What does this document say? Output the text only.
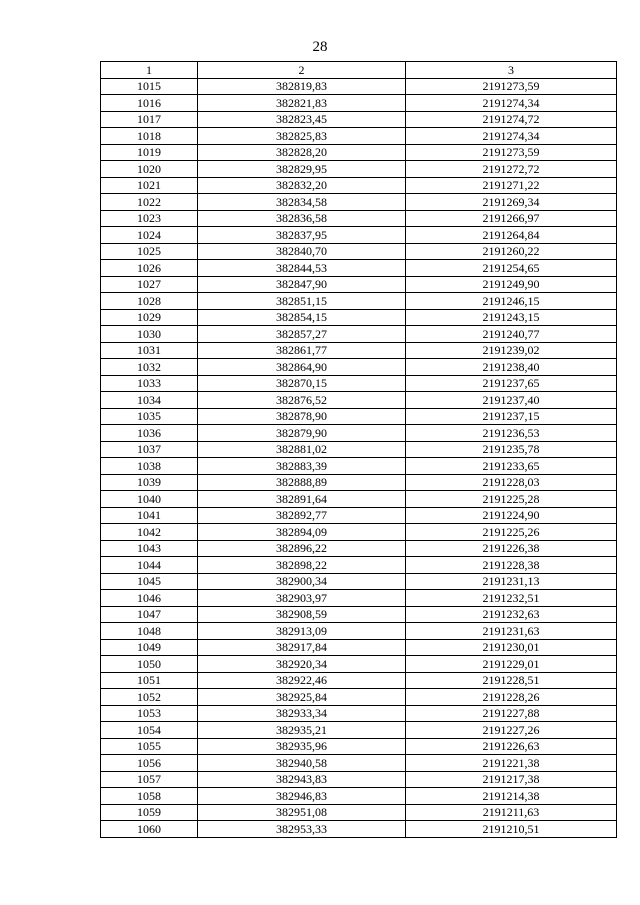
28
1	2	3
1015	382819,83	2191273,59
1016	382821,83	2191274,34
1017	382823,45	2191274,72
1018	382825,83	2191274,34
1019	382828,20	2191273,59
1020	382829,95	2191272,72
1021	382832,20	2191271,22
1022	382834,58	2191269,34
1023	382836,58	2191266,97
1024	382837,95	2191264,84
1025	382840,70	2191260,22
1026	382844,53	2191254,65
1027	382847,90	2191249,90
1028	382851,15	2191246,15
1029	382854,15	2191243,15
1030	382857,27	2191240,77
1031	382861,77	2191239,02
1032	382864,90	2191238,40
1033	382870,15	2191237,65
1034	382876,52	2191237,40
1035	382878,90	2191237,15
1036	382879,90	2191236,53
1037	382881,02	2191235,78
1038	382883,39	2191233,65
1039	382888,89	2191228,03
1040	382891,64	2191225,28
1041	382892,77	2191224,90
1042	382894,09	2191225,26
1043	382896,22	2191226,38
1044	382898,22	2191228,38
1045	382900,34	2191231,13
1046	382903,97	2191232,51
1047	382908,59	2191232,63
1048	382913,09	2191231,63
1049	382917,84	2191230,01
1050	382920,34	2191229,01
1051	382922,46	2191228,51
1052	382925,84	2191228,26
1053	382933,34	2191227,88
1054	382935,21	2191227,26
1055	382935,96	2191226,63
1056	382940,58	2191221,38
1057	382943,83	2191217,38
1058	382946,83	2191214,38
1059	382951,08	2191211,63
1060	382953,33	2191210,51
